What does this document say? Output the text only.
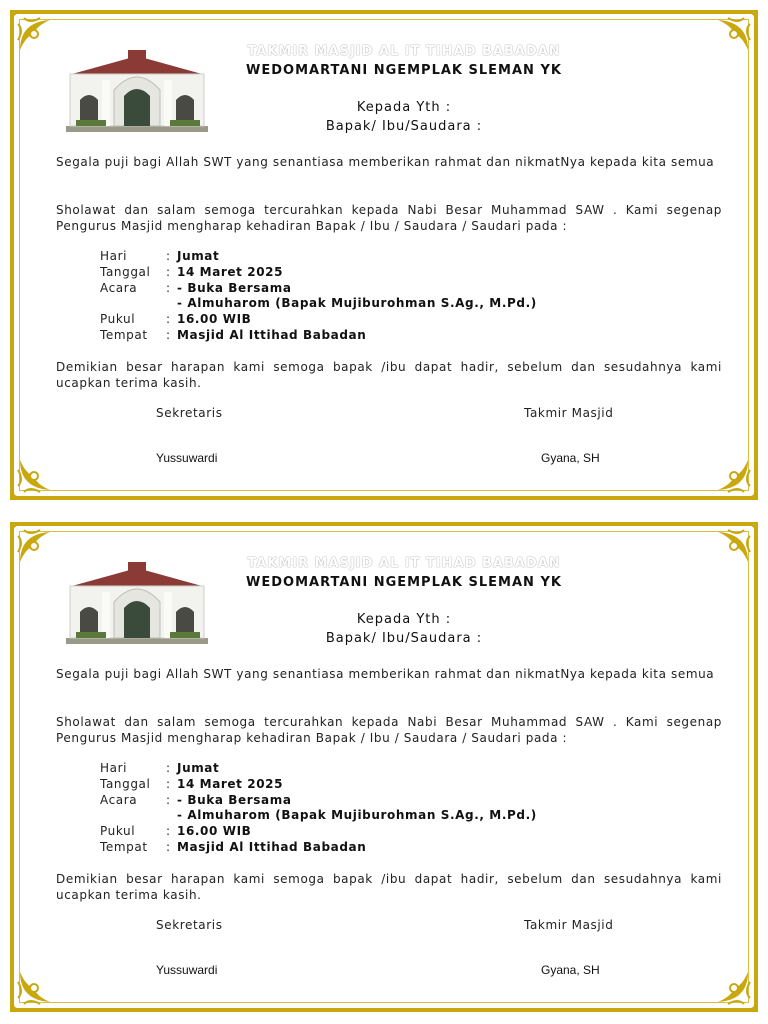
TAKMIR MASJID AL IT TIHAD BABADAN
WEDOMARTANI NGEMPLAK SLEMAN YK
Kepada Yth :
Bapak/ Ibu/Saudara :
Segala puji bagi Allah SWT yang senantiasa memberikan rahmat dan nikmatNya kepada kita semua
Sholawat dan salam semoga tercurahkan kepada Nabi Besar Muhammad SAW . Kami segenap Pengurus Masjid mengharap kehadiran Bapak / Ibu / Saudara / Saudari pada :
Hari	: Jumat
Tanggal	: 14 Maret 2025
Acara	: - Buka Bersama
- Almuharom (Bapak Mujiburohman S.Ag., M.Pd.)
Pukul	: 16.00 WIB
Tempat	: Masjid Al Ittihad Babadan
Demikian besar harapan kami semoga bapak /ibu dapat hadir, sebelum dan sesudahnya kami ucapkan terima kasih.
Sekretaris
Yussuwardi
Takmir Masjid
Gyana, SH
TAKMIR MASJID AL IT TIHAD BABADAN
WEDOMARTANI NGEMPLAK SLEMAN YK
Kepada Yth :
Bapak/ Ibu/Saudara :
Segala puji bagi Allah SWT yang senantiasa memberikan rahmat dan nikmatNya kepada kita semua
Sholawat dan salam semoga tercurahkan kepada Nabi Besar Muhammad SAW . Kami segenap Pengurus Masjid mengharap kehadiran Bapak / Ibu / Saudara / Saudari pada :
Hari	: Jumat
Tanggal	: 14 Maret 2025
Acara	: - Buka Bersama
- Almuharom (Bapak Mujiburohman S.Ag., M.Pd.)
Pukul	: 16.00 WIB
Tempat	: Masjid Al Ittihad Babadan
Demikian besar harapan kami semoga bapak /ibu dapat hadir, sebelum dan sesudahnya kami ucapkan terima kasih.
Sekretaris
Yussuwardi
Takmir Masjid
Gyana, SH
